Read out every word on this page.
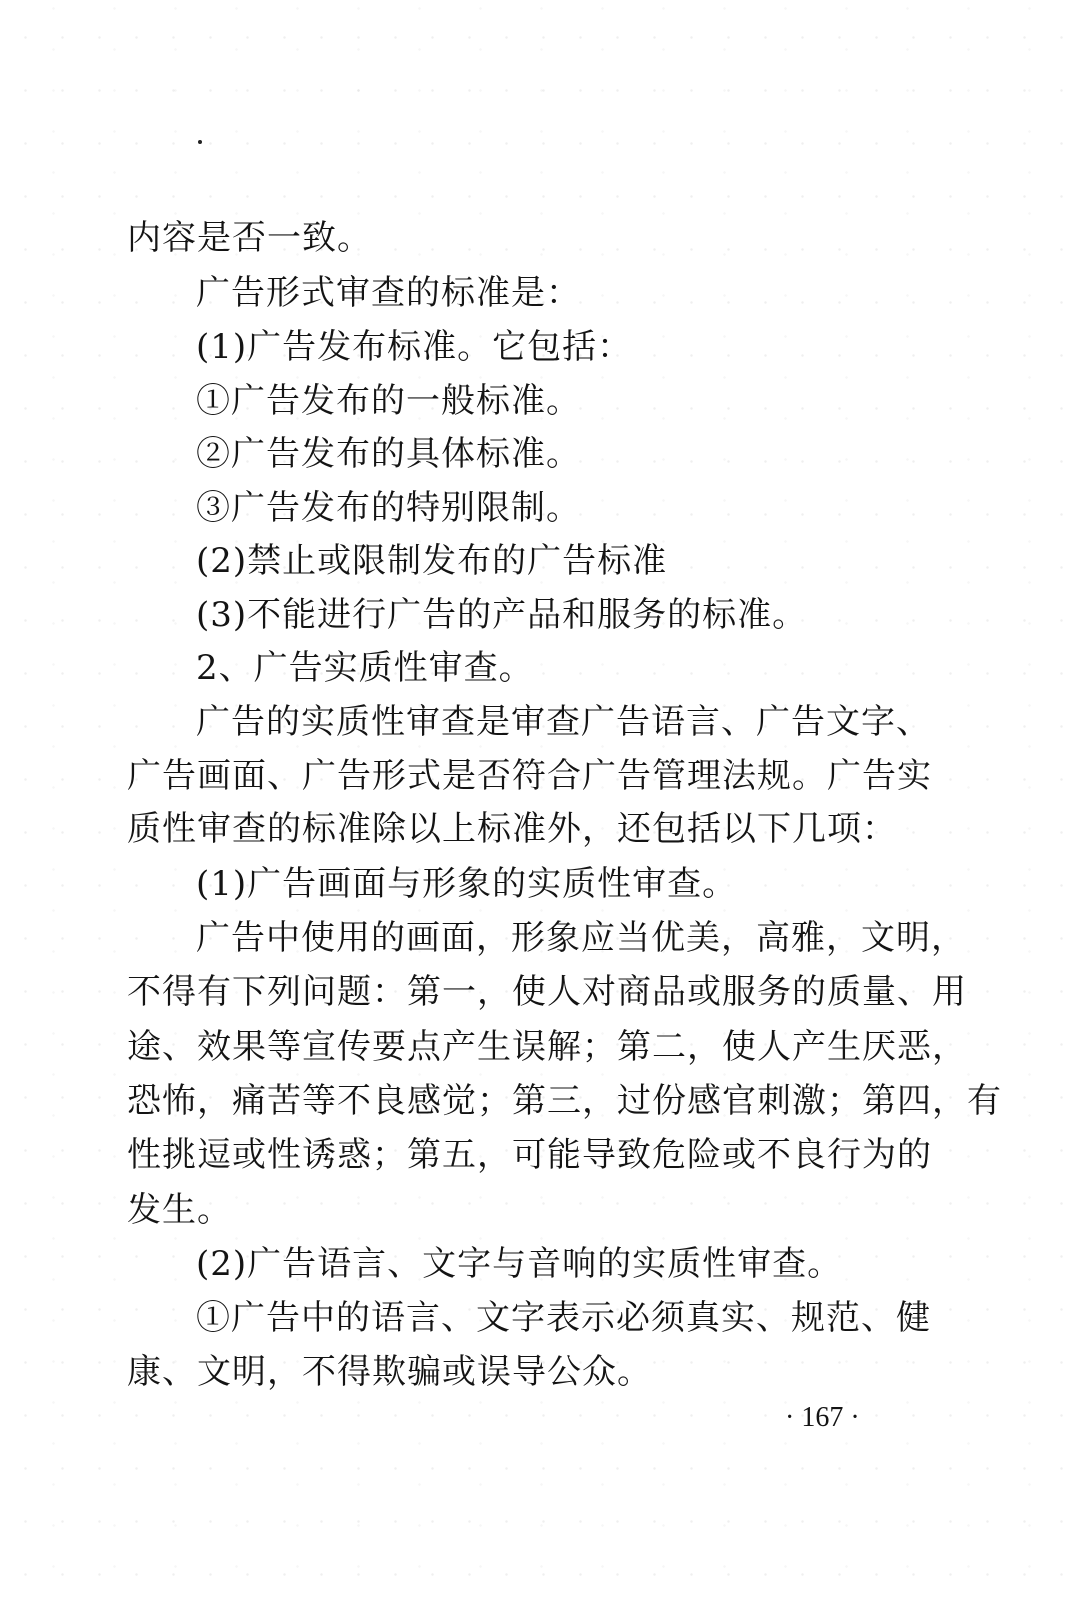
内容是否一致。
广告形式审查的标准是：
(1)广告发布标准。它包括：
①广告发布的一般标准。
②广告发布的具体标准。
③广告发布的特别限制。
(2)禁止或限制发布的广告标准
(3)不能进行广告的产品和服务的标准。
2、广告实质性审查。
广告的实质性审查是审查广告语言、广告文字、
广告画面、广告形式是否符合广告管理法规。广告实
质性审查的标准除以上标准外，还包括以下几项：
(1)广告画面与形象的实质性审查。
广告中使用的画面，形象应当优美，高雅，文明，
不得有下列问题：第一，使人对商品或服务的质量、用
途、效果等宣传要点产生误解；第二，使人产生厌恶，
恐怖，痛苦等不良感觉；第三，过份感官刺激；第四，有
性挑逗或性诱惑；第五，可能导致危险或不良行为的
发生。
(2)广告语言、文字与音响的实质性审查。
①广告中的语言、文字表示必须真实、规范、健
康、文明，不得欺骗或误导公众。
· 167 ·
